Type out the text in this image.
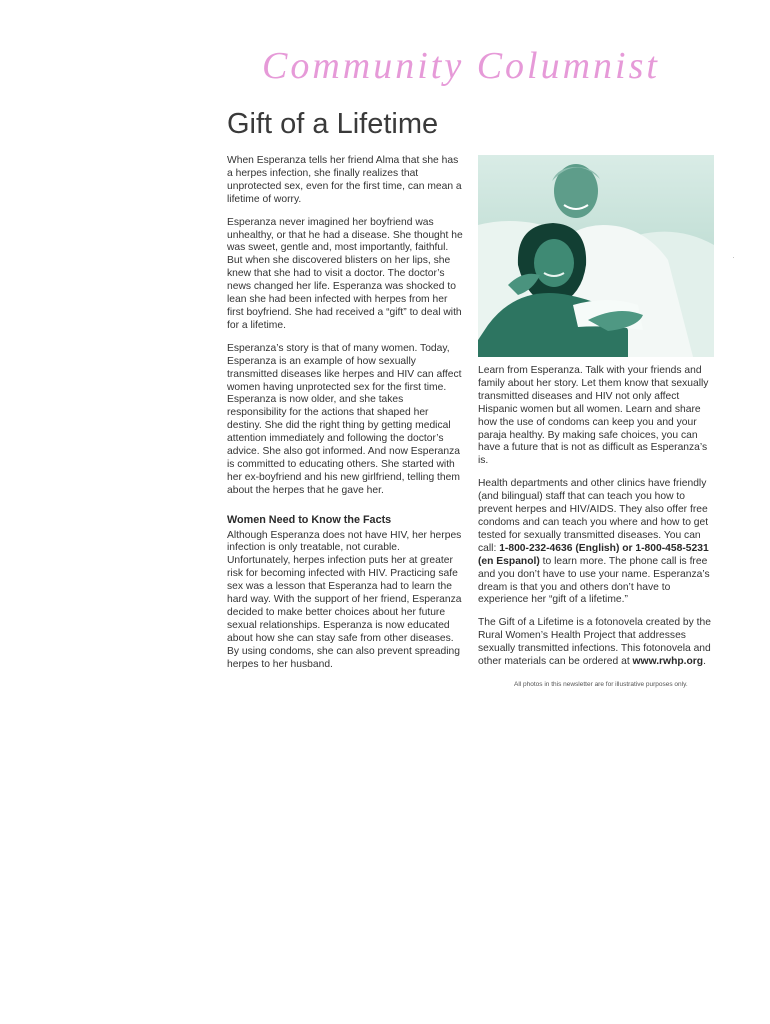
Community Columnist
Gift of a Lifetime

When Esperanza tells her friend Alma that she has a herpes infection, she finally realizes that unprotected sex, even for the first time, can mean a lifetime of worry.

Esperanza never imagined her boyfriend was unhealthy, or that he had a disease. She thought he was sweet, gentle and, most importantly, faithful. But when she discovered blisters on her lips, she knew that she had to visit a doctor. The doctor’s news changed her life. Esperanza was shocked to lean she had been infected with herpes from her first boyfriend. She had received a “gift” to deal with for a lifetime.

Esperanza’s story is that of many women. Today, Esperanza is an example of how sexually transmitted diseases like herpes and HIV can affect women having unprotected sex for the first time. Esperanza is now older, and she takes responsibility for the actions that shaped her destiny. She did the right thing by getting medical attention immediately and following the doctor’s advice. She also got informed. And now Esperanza is committed to educating others. She started with her ex-boyfriend and his new girlfriend, telling them about the herpes that he gave her.

Women Need to Know the Facts

Although Esperanza does not have HIV, her herpes infection is only treatable, not curable. Unfortunately, herpes infection puts her at greater risk for becoming infected with HIV. Practicing safe sex was a lesson that Esperanza had to learn the hard way. With the support of her friend, Esperanza decided to make better choices about her future sexual relationships. Esperanza is now educated about how she can stay safe from other diseases. By using condoms, she can also prevent spreading herpes to her husband.

Learn from Esperanza. Talk with your friends and family about her story. Let them know that sexually transmitted diseases and HIV not only affect Hispanic women but all women. Learn and share how the use of condoms can keep you and your paraja healthy. By making safe choices, you can have a future that is not as difficult as Esperanza’s is.

Health departments and other clinics have friendly (and bilingual) staff that can teach you how to prevent herpes and HIV/AIDS. They also offer free condoms and can teach you where and how to get tested for sexually transmitted diseases. You can call: 1-800-232-4636 (English) or 1-800-458-5231 (en Espanol) to learn more. The phone call is free and you don’t have to use your name. Esperanza’s dream is that you and others don’t have to experience her “gift of a lifetime.”

The Gift of a Lifetime is a fotonovela created by the Rural Women’s Health Project that addresses sexually transmitted infections. This fotonovela and other materials can be ordered at www.rwhp.org.

All photos in this newsletter are for illustrative purposes only.
